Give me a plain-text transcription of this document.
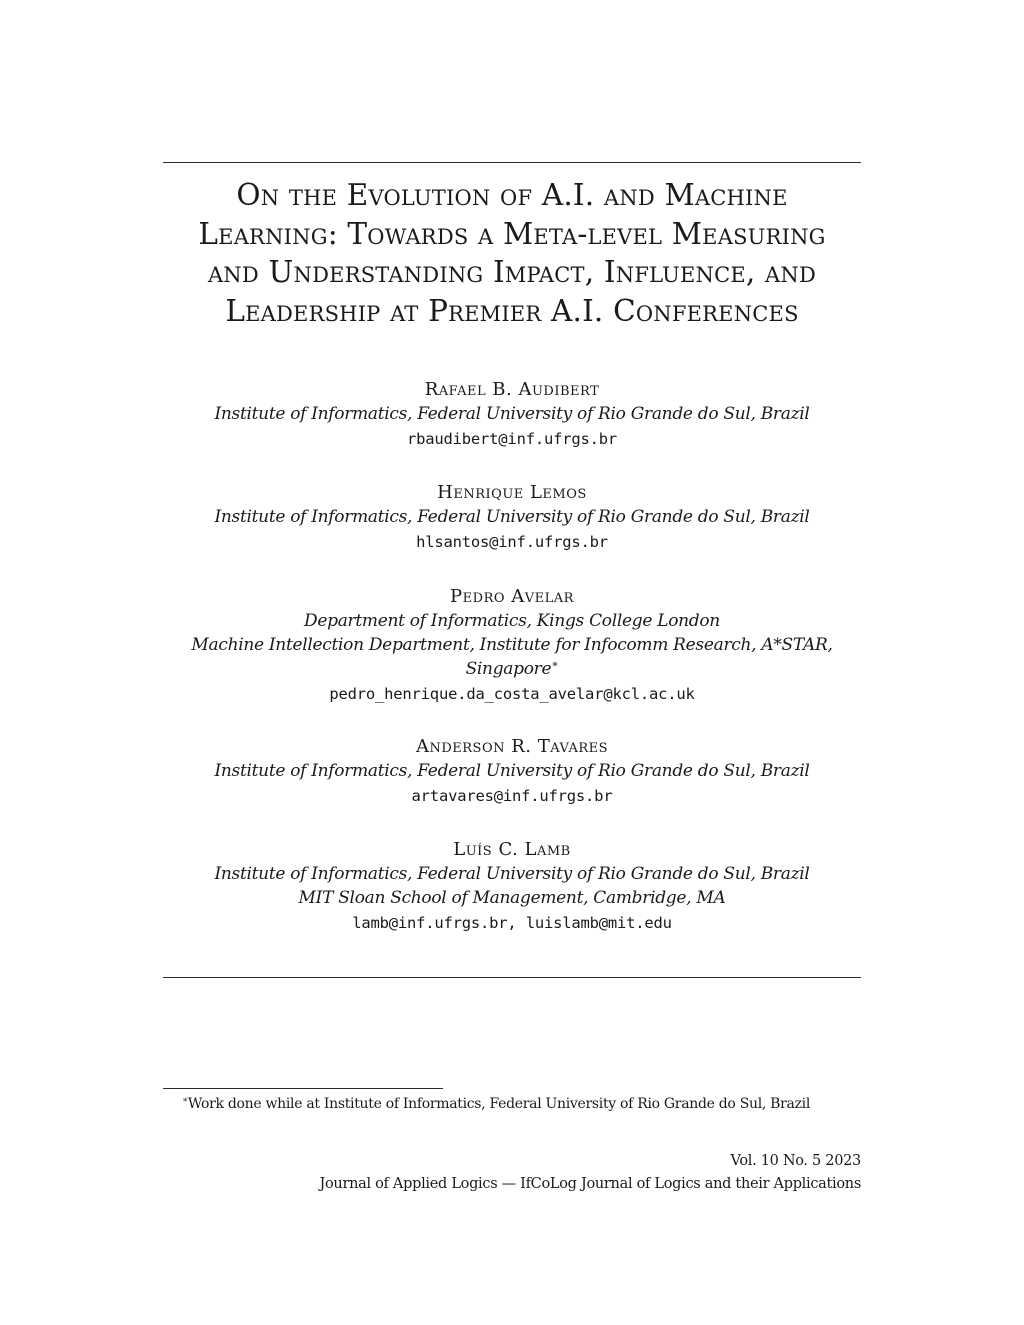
On the Evolution of A.I. and Machine
Learning: Towards a Meta-level Measuring
and Understanding Impact, Influence, and
Leadership at Premier A.I. Conferences
Rafael B. Audibert
Institute of Informatics, Federal University of Rio Grande do Sul, Brazil
rbaudibert@inf.ufrgs.br
Henrique Lemos
Institute of Informatics, Federal University of Rio Grande do Sul, Brazil
hlsantos@inf.ufrgs.br
Pedro Avelar
Department of Informatics, Kings College London
Machine Intellection Department, Institute for Infocomm Research, A*STAR,
Singapore∗
pedro_henrique.da_costa_avelar@kcl.ac.uk
Anderson R. Tavares
Institute of Informatics, Federal University of Rio Grande do Sul, Brazil
artavares@inf.ufrgs.br
Luís C. Lamb
Institute of Informatics, Federal University of Rio Grande do Sul, Brazil
MIT Sloan School of Management, Cambridge, MA
lamb@inf.ufrgs.br, luislamb@mit.edu
∗Work done while at Institute of Informatics, Federal University of Rio Grande do Sul, Brazil
Vol. 10 No. 5 2023
Journal of Applied Logics — IfCoLog Journal of Logics and their Applications
